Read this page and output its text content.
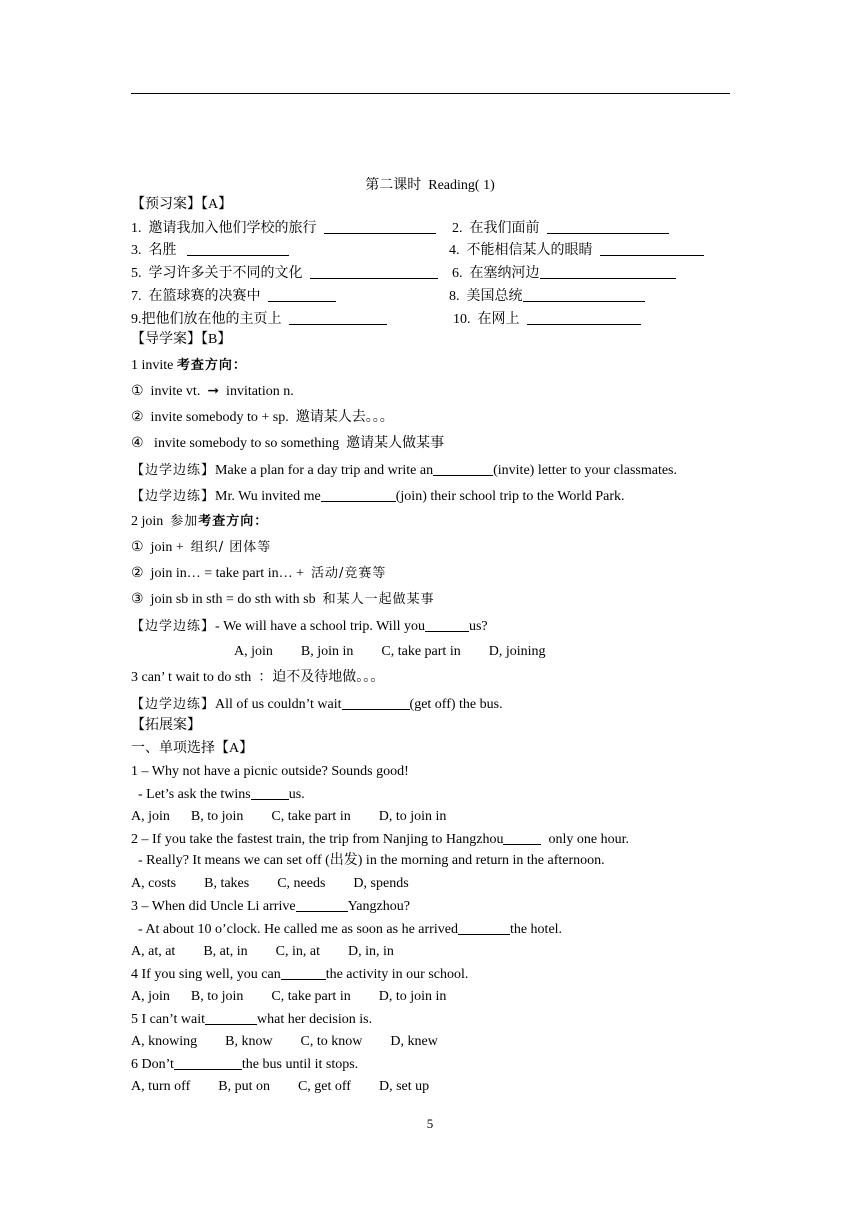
第二课时  Reading( 1)
【预习案】【A】
1.  邀请我加入他们学校的旅行	2.  在我们面前
3.  名胜	4.  不能相信某人的眼睛
5.  学习许多关于不同的文化	6.  在塞纳河边
7.  在篮球赛的决赛中	8.  美国总统
9.把他们放在他的主页上	10.  在网上
【导学案】【B】
1 invite 考查方向：
①  invite vt.  ➞  invitation n.
②  invite somebody to + sp.  邀请某人去。。。
④   invite somebody to so something  邀请某人做某事
【边学边练】Make a plan for a day trip and write an	(invite) letter to your classmates.
【边学边练】Mr. Wu invited me	(join) their school trip to the World Park.
2 join  参加考查方向：
①  join +  组织/ 团体等
②  join in… = take part in… +  活动/竞赛等
③  join sb in sth = do sth with sb  和某人一起做某事
【边学边练】- We will have a school trip. Will you	us?
A, join        B, join in        C, take part in        D, joining
3 can’ t wait to do sth  ：迫不及待地做。。。
【边学边练】All of us couldn’t wait	(get off) the bus.
【拓展案】
一、单项选择【A】
1 – Why not have a picnic outside? Sounds good!
- Let’s ask the twins	us.
A, join      B, to join        C, take part in        D, to join in
2 – If you take the fastest train, the trip from Nanjing to Hangzhou	only one hour.
- Really? It means we can set off (出发) in the morning and return in the afternoon.
A, costs        B, takes        C, needs        D, spends
3 – When did Uncle Li arrive	Yangzhou?
- At about 10 o’clock. He called me as soon as he arrived	the hotel.
A, at, at        B, at, in        C, in, at        D, in, in
4 If you sing well, you can	the activity in our school.
A, join      B, to join        C, take part in        D, to join in
5 I can’t wait	what her decision is.
A, knowing        B, know        C, to know        D, knew
6 Don’t	the bus until it stops.
A, turn off        B, put on        C, get off        D, set up
5
